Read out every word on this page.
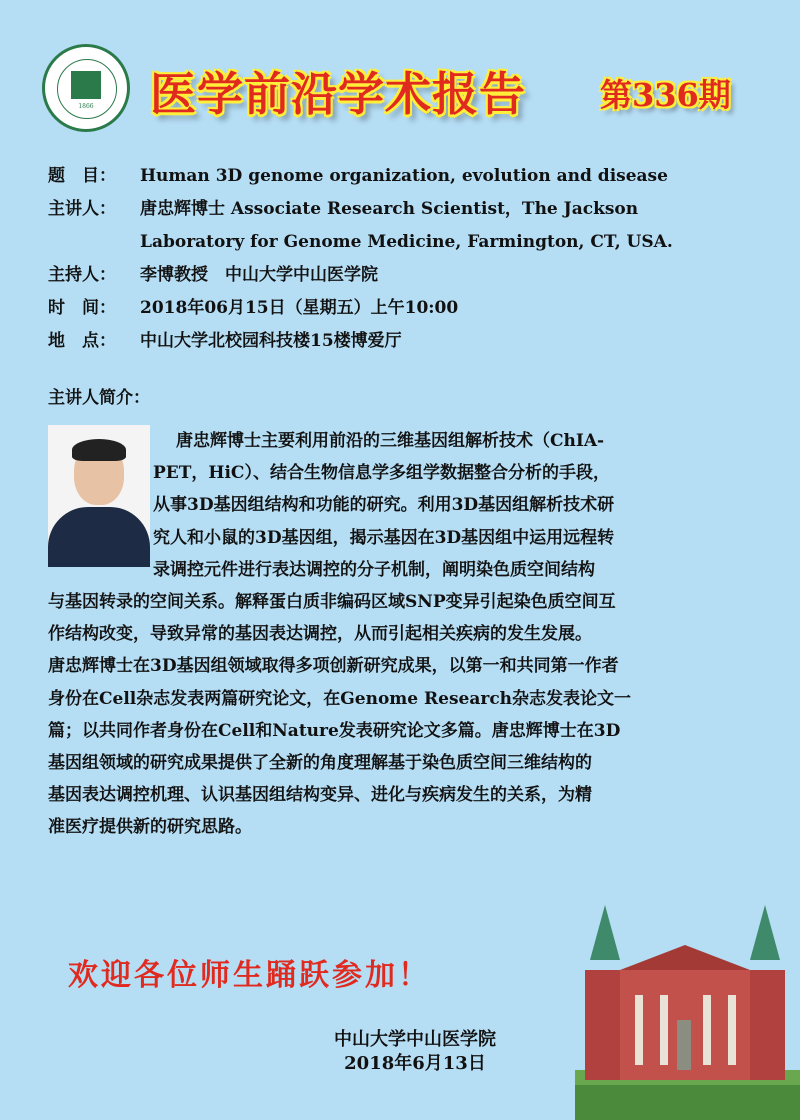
1866	医学前沿学术报告 第336期
题　目：	Human 3D genome organization, evolution and disease
主讲人：	唐忠辉博士 Associate Research Scientist，The Jackson
Laboratory for Genome Medicine, Farmington, CT, USA.
主持人：	李博教授　中山大学中山医学院
时　间：	2018年06月15日（星期五）上午10:00
地　点：	中山大学北校园科技楼15楼博爱厅
主讲人简介：
唐忠辉博士主要利用前沿的三维基因组解析技术（ChIA-
PET，HiC）、结合生物信息学多组学数据整合分析的手段，
从事3D基因组结构和功能的研究。利用3D基因组解析技术研
究人和小鼠的3D基因组，揭示基因在3D基因组中运用远程转
录调控元件进行表达调控的分子机制，阐明染色质空间结构
与基因转录的空间关系。解释蛋白质非编码区域SNP变异引起染色质空间互
作结构改变，导致异常的基因表达调控，从而引起相关疾病的发生发展。
唐忠辉博士在3D基因组领域取得多项创新研究成果，以第一和共同第一作者
身份在Cell杂志发表两篇研究论文，在Genome Research杂志发表论文一
篇；以共同作者身份在Cell和Nature发表研究论文多篇。唐忠辉博士在3D
基因组领域的研究成果提供了全新的角度理解基于染色质空间三维结构的
基因表达调控机理、认识基因组结构变异、进化与疾病发生的关系，为精
准医疗提供新的研究思路。
欢迎各位师生踊跃参加！
中山大学中山医学院
2018年6月13日
